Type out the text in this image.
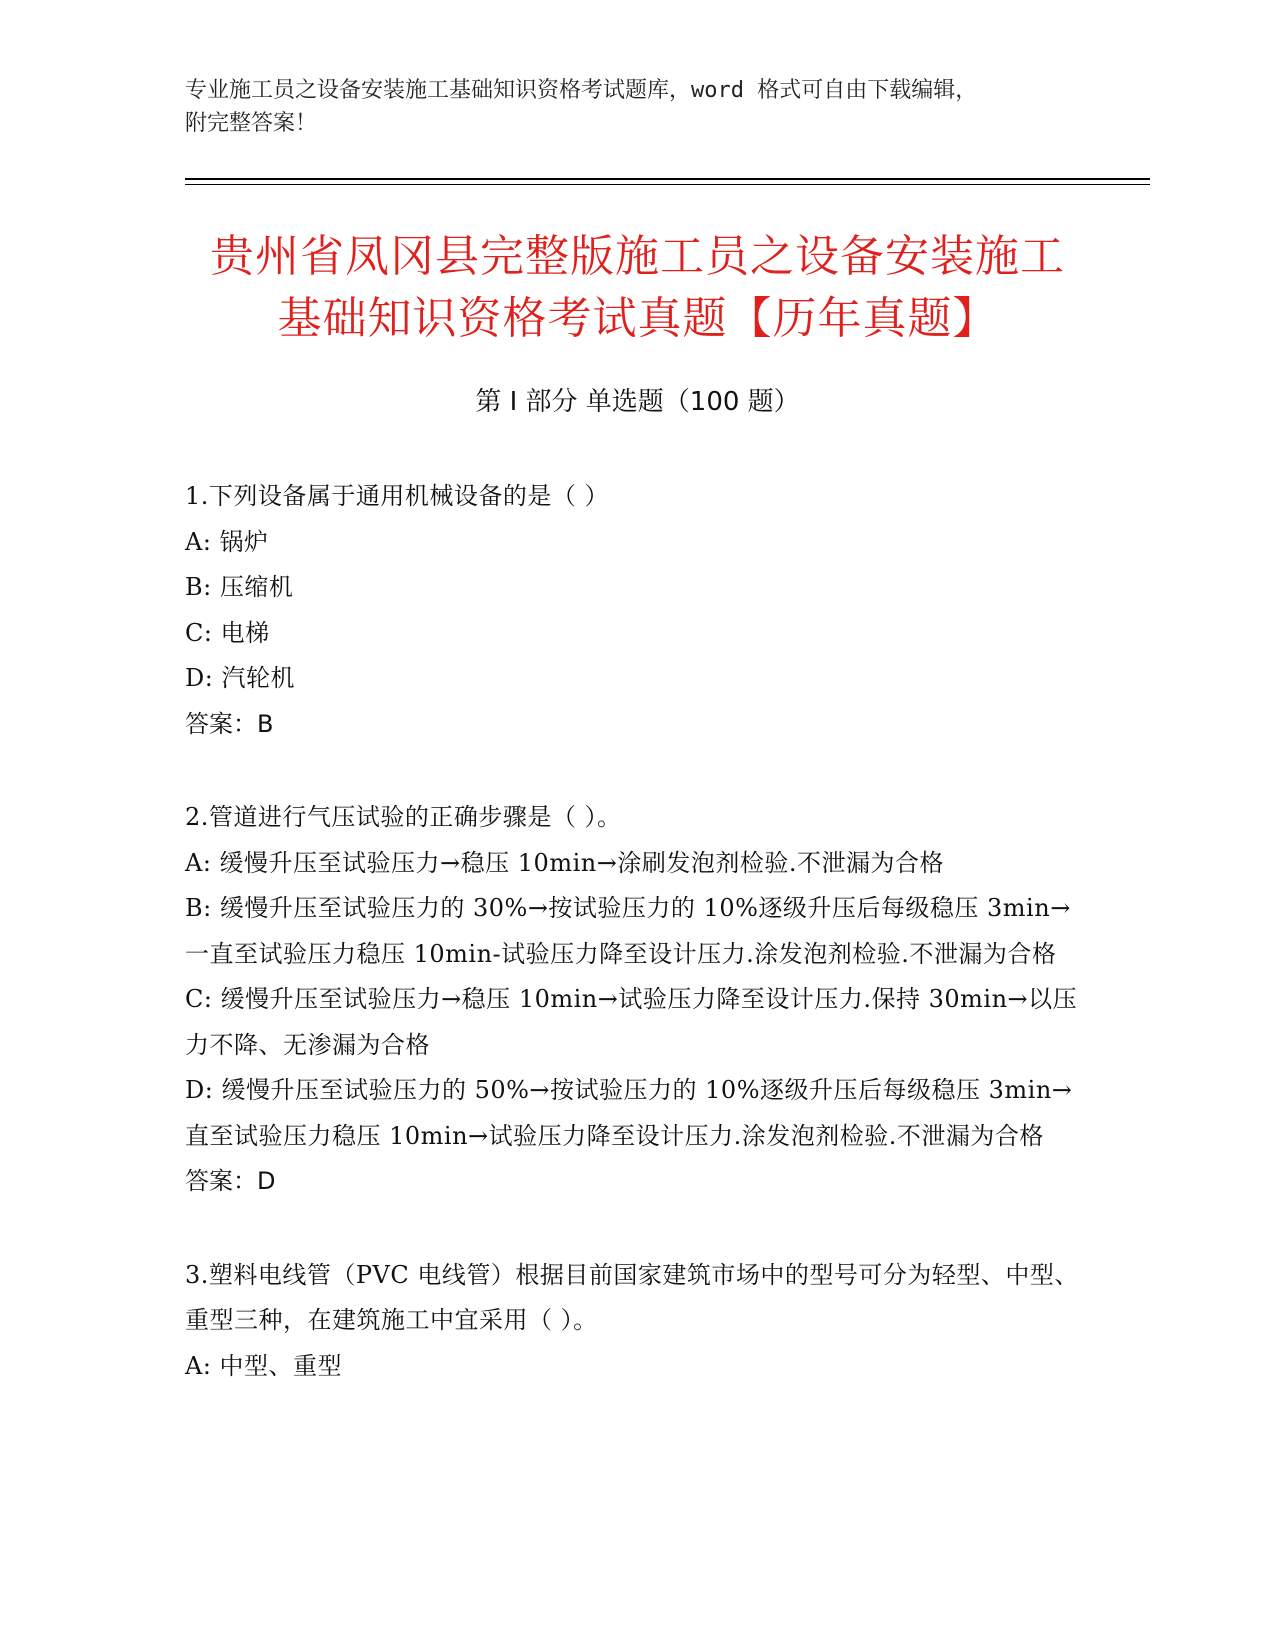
专业施工员之设备安装施工基础知识资格考试题库，word 格式可自由下载编辑，
附完整答案！
贵州省凤冈县完整版施工员之设备安装施工
基础知识资格考试真题【历年真题】
第 I 部分 单选题（100 题）
1.下列设备属于通用机械设备的是（ ）
A: 锅炉
B: 压缩机
C: 电梯
D: 汽轮机
答案：B
2.管道进行气压试验的正确步骤是（ ）。
A: 缓慢升压至试验压力→稳压 10min→涂刷发泡剂检验.不泄漏为合格
B: 缓慢升压至试验压力的 30%→按试验压力的 10%逐级升压后每级稳压 3min→一直至试验压力稳压 10min-试验压力降至设计压力.涂发泡剂检验.不泄漏为合格
C: 缓慢升压至试验压力→稳压 10min→试验压力降至设计压力.保持 30min→以压力不降、无渗漏为合格
D: 缓慢升压至试验压力的 50%→按试验压力的 10%逐级升压后每级稳压 3min→直至试验压力稳压 10min→试验压力降至设计压力.涂发泡剂检验.不泄漏为合格
答案：D
3.塑料电线管（PVC 电线管）根据目前国家建筑市场中的型号可分为轻型、中型、重型三种，在建筑施工中宜采用（ ）。
A: 中型、重型
